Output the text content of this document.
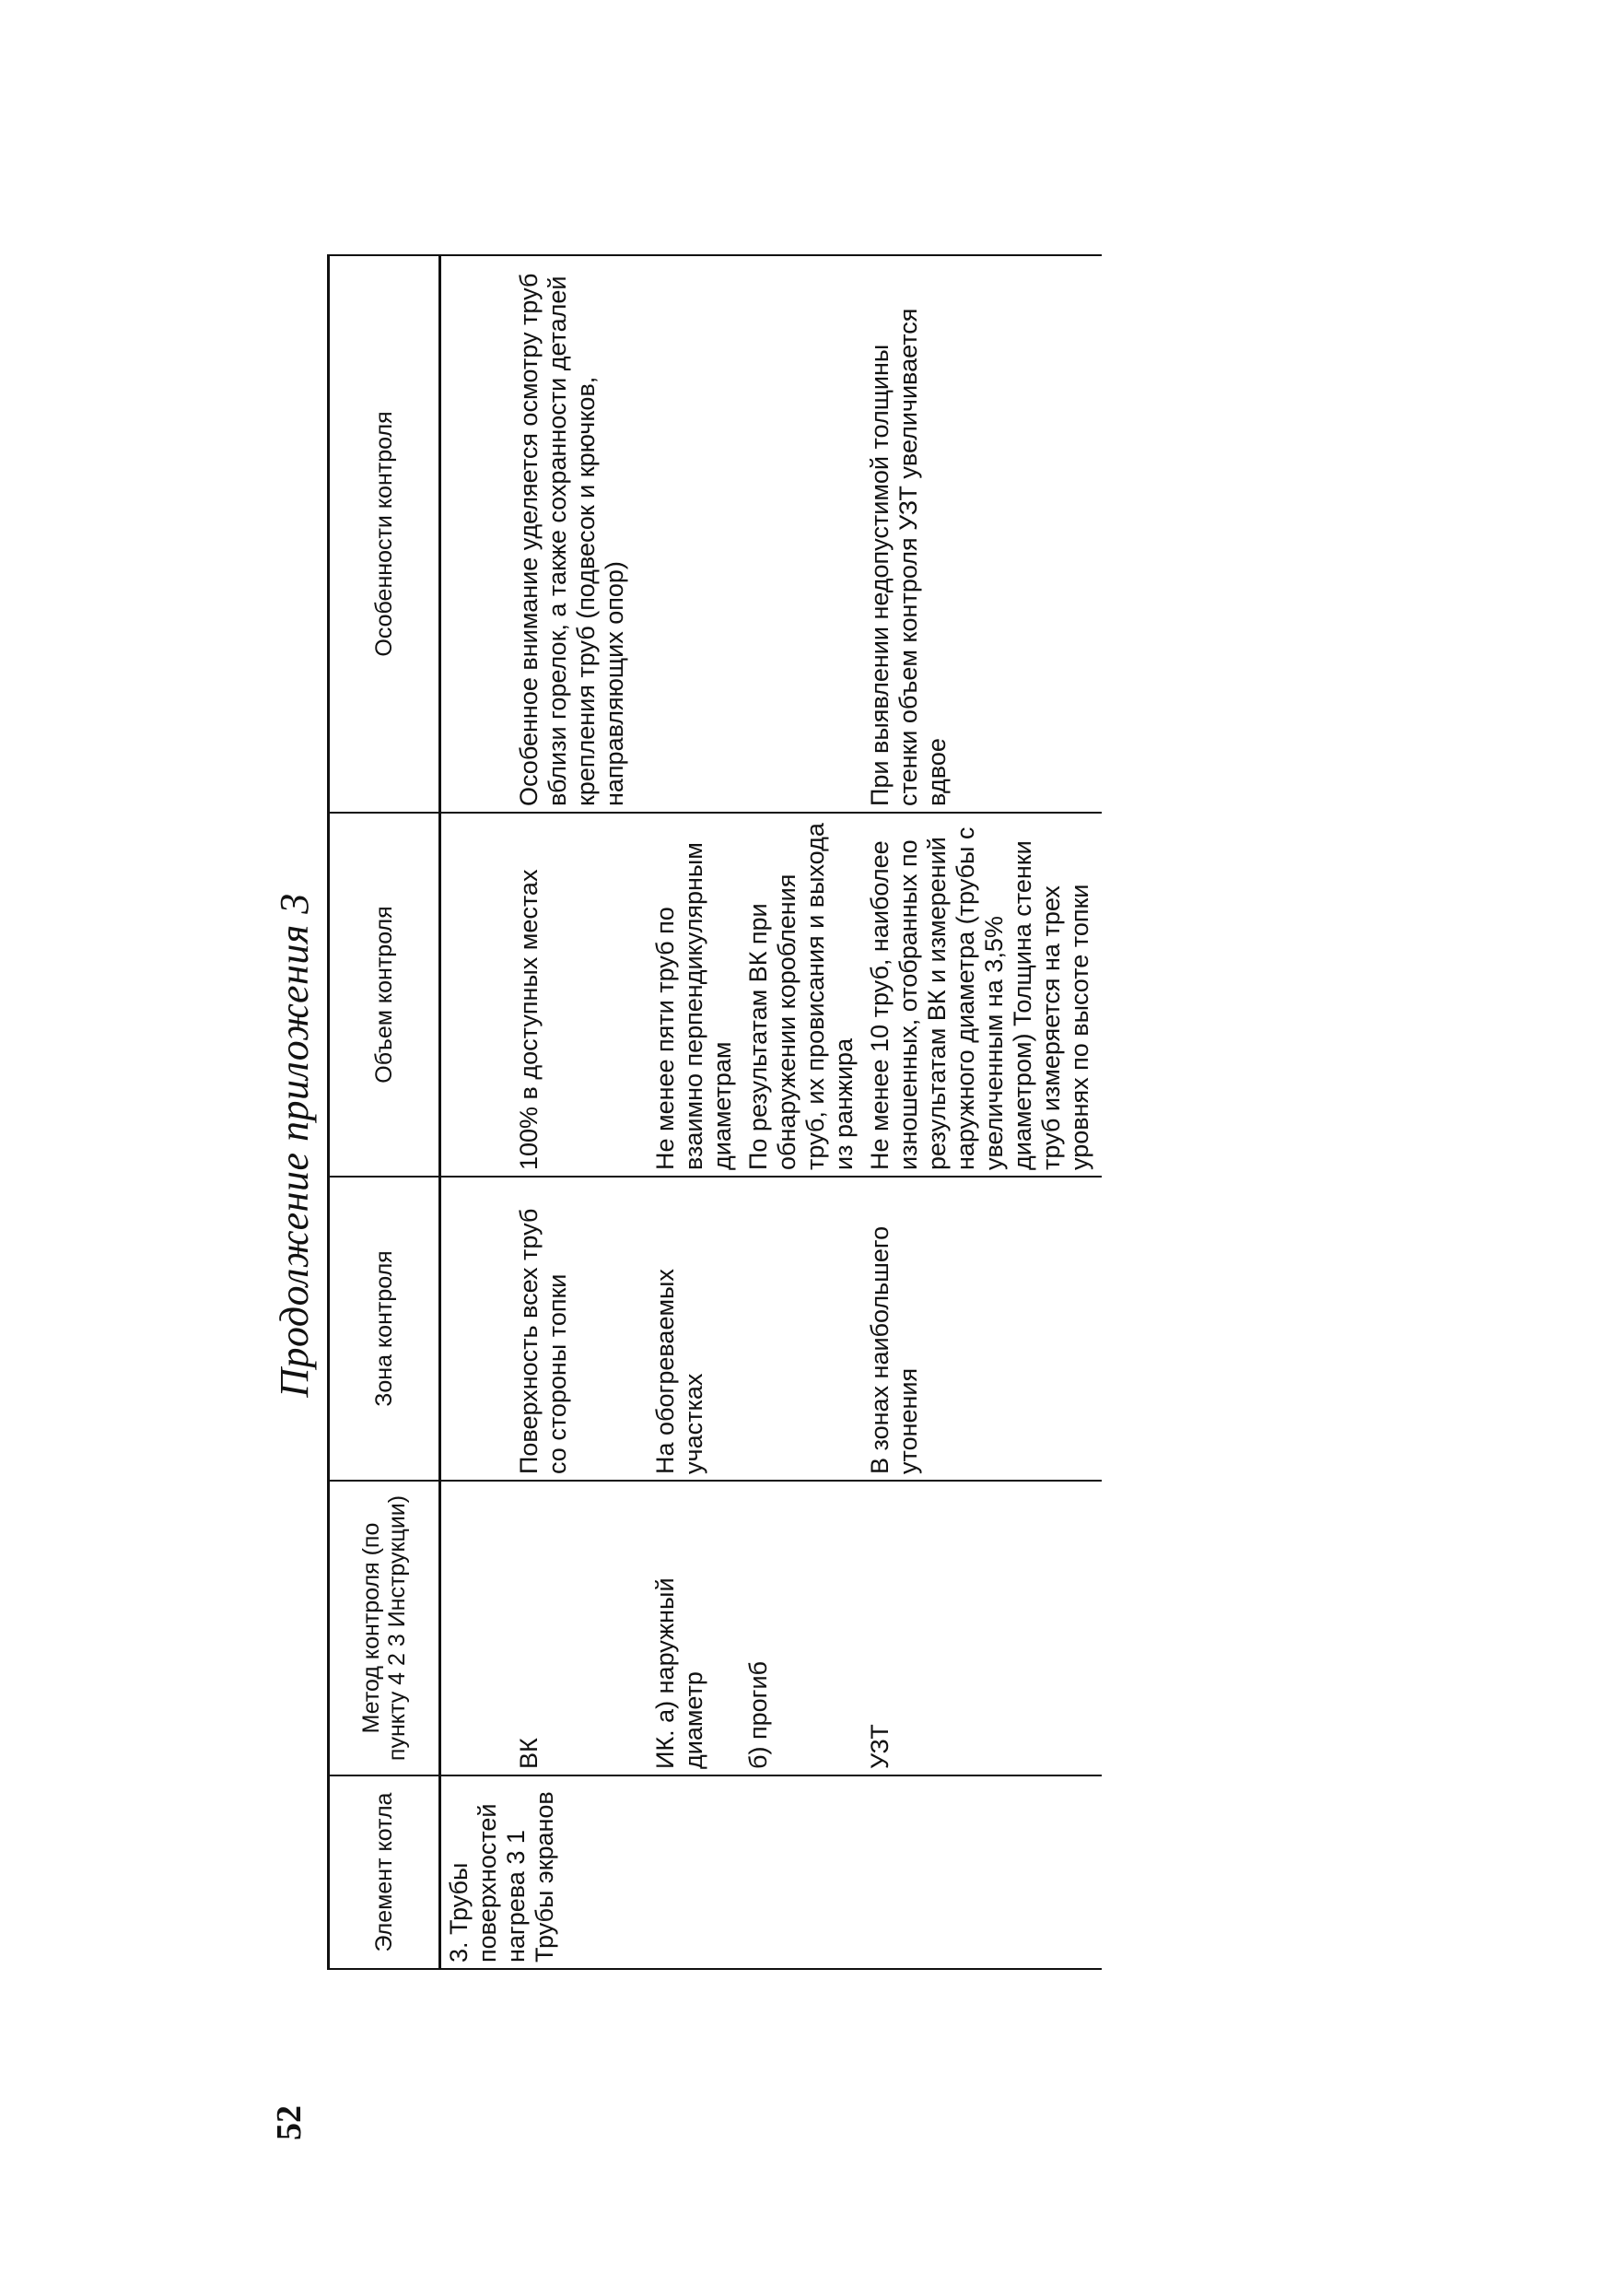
52
Продолжение приложения 3
Элемент котла	Метод контроля (по пункту 4 2 3 Инструкции)	Зона контроля	Объем контроля	Особенности контроля
3. Трубы поверхностей нагрева 3 1 Трубы экранов	ВК	Поверхность всех труб со стороны топки	100% в доступных местах	Особенное внимание уделяется осмотру труб вблизи горелок, а также сохранности деталей крепления труб (подвесок и крючков, направляющих опор)
	ИК. а) наружный диаметр	На обогреваемых участках	Не менее пяти труб по взаимно перпендикулярным диаметрам	
	б) прогиб		По результатам ВК при обнаружении коробления труб, их провисания и выхода из ранжира	
	УЗТ	В зонах наибольшего утонения	Не менее 10 труб, наиболее изношенных, отобранных по результатам ВК и измерений наружного диаметра (трубы с увеличенным на 3,5% диаметром) Толщина стенки труб измеряется на трех уровнях по высоте топки	При выявлении недопустимой толщины стенки объем контроля УЗТ увеличивается вдвое
